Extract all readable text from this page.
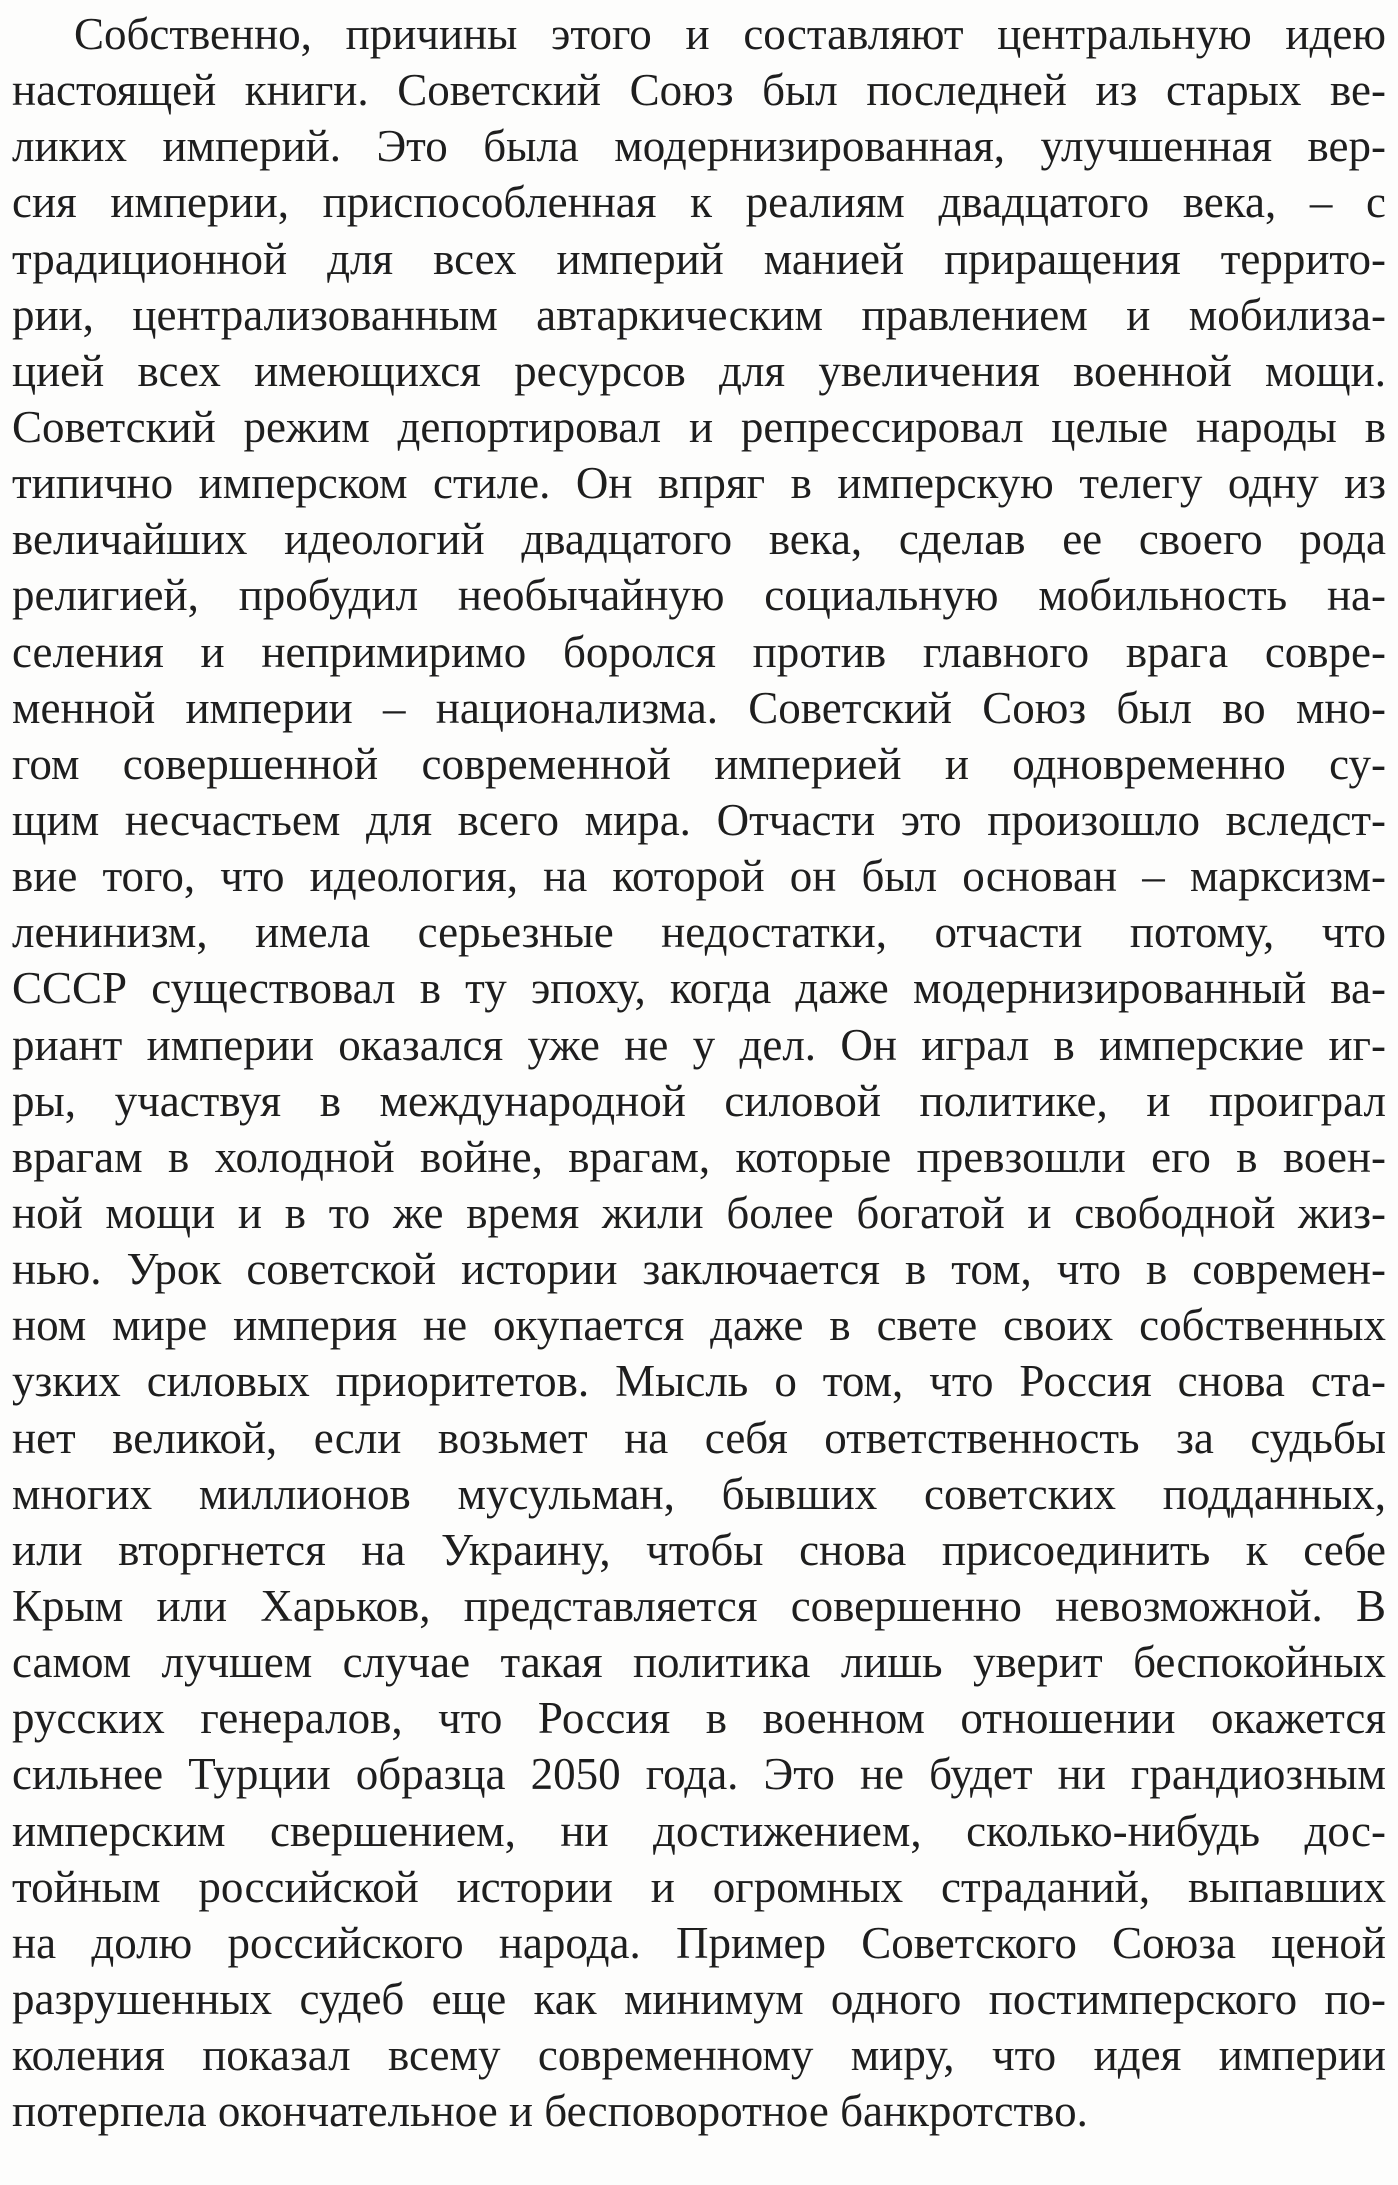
Собственно, причины этого и составляют центральную идею
настоящей книги. Советский Союз был последней из старых ве-
ликих империй. Это была модернизированная, улучшенная вер-
сия империи, приспособленная к реалиям двадцатого века, – с
традиционной для всех империй манией приращения террито-
рии, централизованным автаркическим правлением и мобилиза-
цией всех имеющихся ресурсов для увеличения военной мощи.
Советский режим депортировал и репрессировал целые народы в
типично имперском стиле. Он впряг в имперскую телегу одну из
величайших идеологий двадцатого века, сделав ее своего рода
религией, пробудил необычайную социальную мобильность на-
селения и непримиримо боролся против главного врага совре-
менной империи – национализма. Советский Союз был во мно-
гом совершенной современной империей и одновременно су-
щим несчастьем для всего мира. Отчасти это произошло вследст-
вие того, что идеология, на которой он был основан – марксизм-
ленинизм, имела серьезные недостатки, отчасти потому, что
СССР существовал в ту эпоху, когда даже модернизированный ва-
риант империи оказался уже не у дел. Он играл в имперские иг-
ры, участвуя в международной силовой политике, и проиграл
врагам в холодной войне, врагам, которые превзошли его в воен-
ной мощи и в то же время жили более богатой и свободной жиз-
нью. Урок советской истории заключается в том, что в современ-
ном мире империя не окупается даже в свете своих собственных
узких силовых приоритетов. Мысль о том, что Россия снова ста-
нет великой, если возьмет на себя ответственность за судьбы
многих миллионов мусульман, бывших советских подданных,
или вторгнется на Украину, чтобы снова присоединить к себе
Крым или Харьков, представляется совершенно невозможной. В
самом лучшем случае такая политика лишь уверит беспокойных
русских генералов, что Россия в военном отношении окажется
сильнее Турции образца 2050 года. Это не будет ни грандиозным
имперским свершением, ни достижением, сколько-нибудь дос-
тойным российской истории и огромных страданий, выпавших
на долю российского народа. Пример Советского Союза ценой
разрушенных судеб еще как минимум одного постимперского по-
коления показал всему современному миру, что идея империи
потерпела окончательное и бесповоротное банкротство.
